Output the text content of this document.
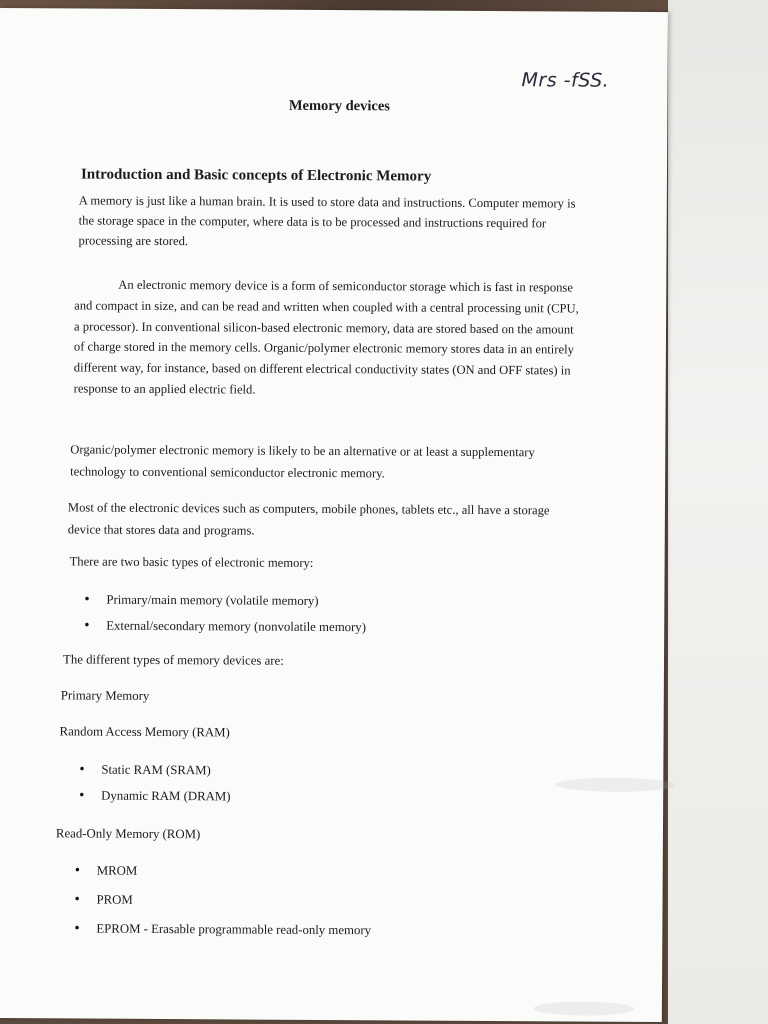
Mrs -fSS.
Memory devices
Introduction and Basic concepts of Electronic Memory

A memory is just like a human brain. It is used to store data and instructions. Computer memory is the storage space in the computer, where data is to be processed and instructions required for processing are stored.

An electronic memory device is a form of semiconductor storage which is fast in response and compact in size, and can be read and written when coupled with a central processing unit (CPU, a processor). In conventional silicon-based electronic memory, data are stored based on the amount of charge stored in the memory cells. Organic/polymer electronic memory stores data in an entirely different way, for instance, based on different electrical conductivity states (ON and OFF states) in response to an applied electric field.

Organic/polymer electronic memory is likely to be an alternative or at least a supplementary technology to conventional semiconductor electronic memory.

Most of the electronic devices such as computers, mobile phones, tablets etc., all have a storage device that stores data and programs.

There are two basic types of electronic memory:

• Primary/main memory (volatile memory)
• External/secondary memory (nonvolatile memory)

The different types of memory devices are:

Primary Memory

Random Access Memory (RAM)

• Static RAM (SRAM)
• Dynamic RAM (DRAM)

Read-Only Memory (ROM)

• MROM
• PROM
• EPROM - Erasable programmable read-only memory
